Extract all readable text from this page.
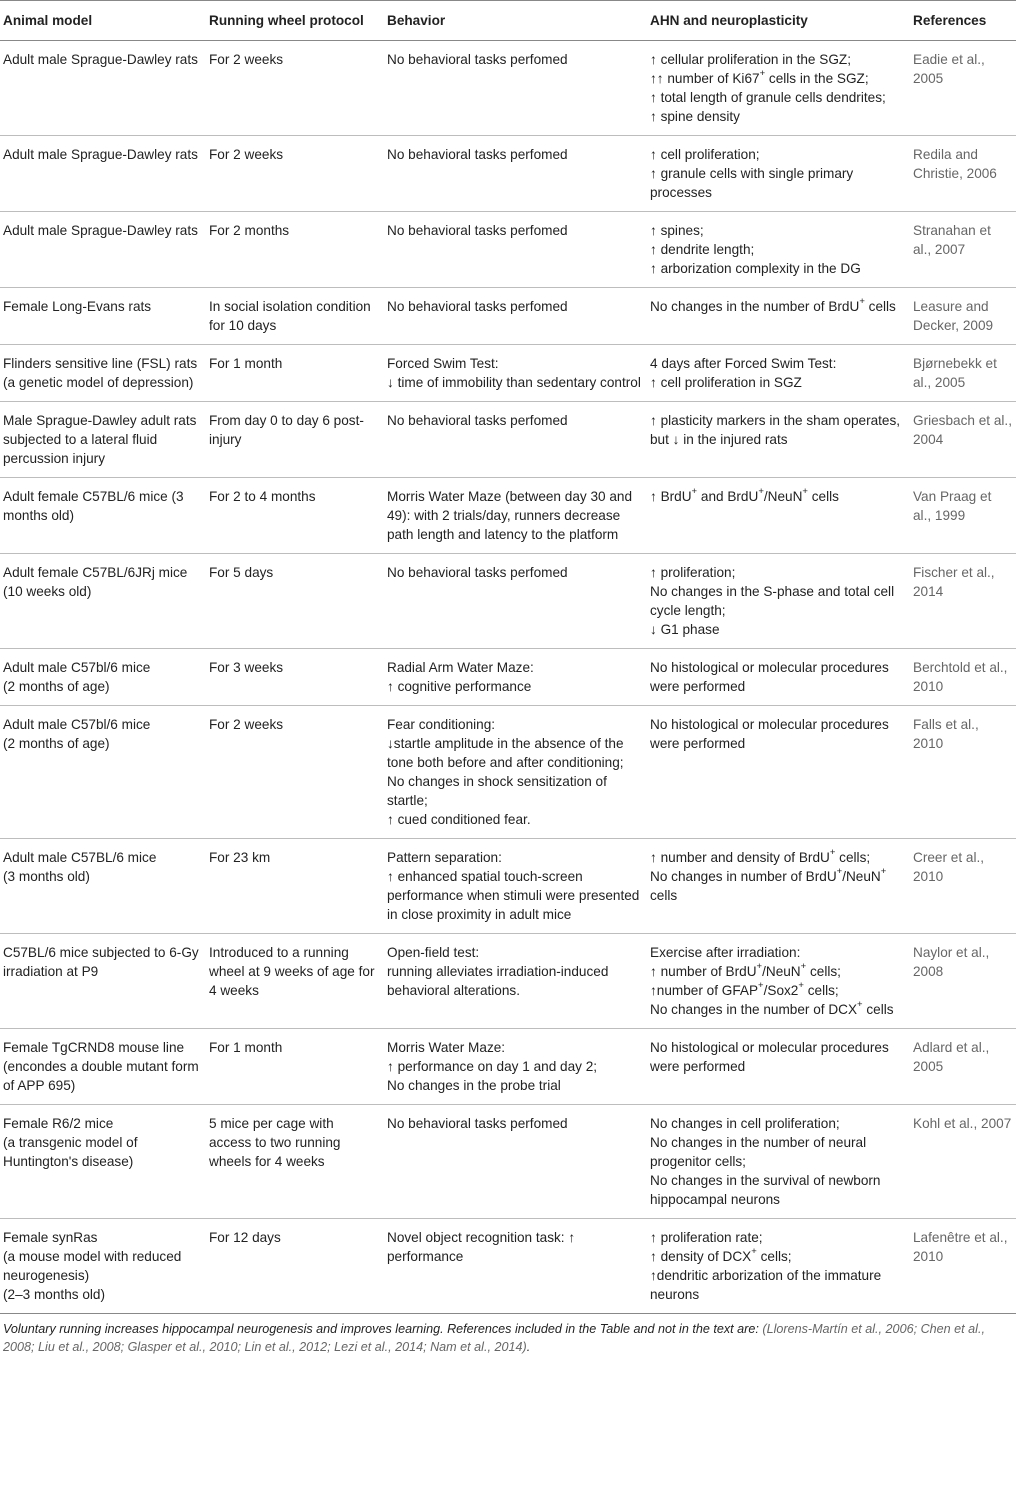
Animal model	Running wheel protocol	Behavior	AHN and neuroplasticity	References

Adult male Sprague-Dawley rats	For 2 weeks	No behavioral tasks perfomed	↑ cellular proliferation in the SGZ;
↑↑ number of Ki67+ cells in the SGZ;
↑ total length of granule cells dendrites;
↑ spine density	Eadie et al., 2005

Adult male Sprague-Dawley rats	For 2 weeks	No behavioral tasks perfomed	↑ cell proliferation;
↑ granule cells with single primary processes	Redila and Christie, 2006

Adult male Sprague-Dawley rats	For 2 months	No behavioral tasks perfomed	↑ spines;
↑ dendrite length;
↑ arborization complexity in the DG	Stranahan et al., 2007

Female Long-Evans rats	In social isolation condition for 10 days	No behavioral tasks perfomed	No changes in the number of BrdU+ cells	Leasure and Decker, 2009

Flinders sensitive line (FSL) rats (a genetic model of depression)	For 1 month	Forced Swim Test:
↓ time of immobility than sedentary control	4 days after Forced Swim Test:
↑ cell proliferation in SGZ	Bjørnebekk et al., 2005

Male Sprague-Dawley adult rats subjected to a lateral fluid percussion injury	From day 0 to day 6 post-injury	No behavioral tasks perfomed	↑ plasticity markers in the sham operates, but ↓ in the injured rats	Griesbach et al., 2004

Adult female C57BL/6 mice (3 months old)	For 2 to 4 months	Morris Water Maze (between day 30 and 49): with 2 trials/day, runners decrease path length and latency to the platform	↑ BrdU+ and BrdU+/NeuN+ cells	Van Praag et al., 1999

Adult female C57BL/6JRj mice
(10 weeks old)	For 5 days	No behavioral tasks perfomed	↑ proliferation;
No changes in the S-phase and total cell cycle length;
↓ G1 phase	Fischer et al., 2014

Adult male C57bl/6 mice
(2 months of age)	For 3 weeks	Radial Arm Water Maze:
↑ cognitive performance	No histological or molecular procedures were performed	Berchtold et al., 2010

Adult male C57bl/6 mice
(2 months of age)	For 2 weeks	Fear conditioning:
↓startle amplitude in the absence of the tone both before and after conditioning;
No changes in shock sensitization of startle;
↑ cued conditioned fear.	No histological or molecular procedures were performed	Falls et al., 2010

Adult male C57BL/6 mice
(3 months old)	For 23 km	Pattern separation:
↑ enhanced spatial touch-screen performance when stimuli were presented in close proximity in adult mice	↑ number and density of BrdU+ cells;
No changes in number of BrdU+/NeuN+ cells	Creer et al., 2010

C57BL/6 mice subjected to 6-Gy irradiation at P9	Introduced to a running wheel at 9 weeks of age for 4 weeks	Open-field test:
running alleviates irradiation-induced behavioral alterations.	Exercise after irradiation:
↑ number of BrdU+/NeuN+ cells;
↑number of GFAP+/Sox2+ cells;
No changes in the number of DCX+ cells	Naylor et al., 2008

Female TgCRND8 mouse line (encondes a double mutant form of APP 695)	For 1 month	Morris Water Maze:
↑ performance on day 1 and day 2;
No changes in the probe trial	No histological or molecular procedures were performed	Adlard et al., 2005

Female R6/2 mice
(a transgenic model of Huntington's disease)	5 mice per cage with access to two running wheels for 4 weeks	No behavioral tasks perfomed	No changes in cell proliferation;
No changes in the number of neural progenitor cells;
No changes in the survival of newborn hippocampal neurons	Kohl et al., 2007

Female synRas
(a mouse model with reduced neurogenesis)
(2–3 months old)	For 12 days	Novel object recognition task: ↑ performance	↑ proliferation rate;
↑ density of DCX+ cells;
↑dendritic arborization of the immature neurons	Lafenêtre et al., 2010
Voluntary running increases hippocampal neurogenesis and improves learning. References included in the Table and not in the text are: (Llorens-Martín et al., 2006; Chen et al., 2008; Liu et al., 2008; Glasper et al., 2010; Lin et al., 2012; Lezi et al., 2014; Nam et al., 2014).
